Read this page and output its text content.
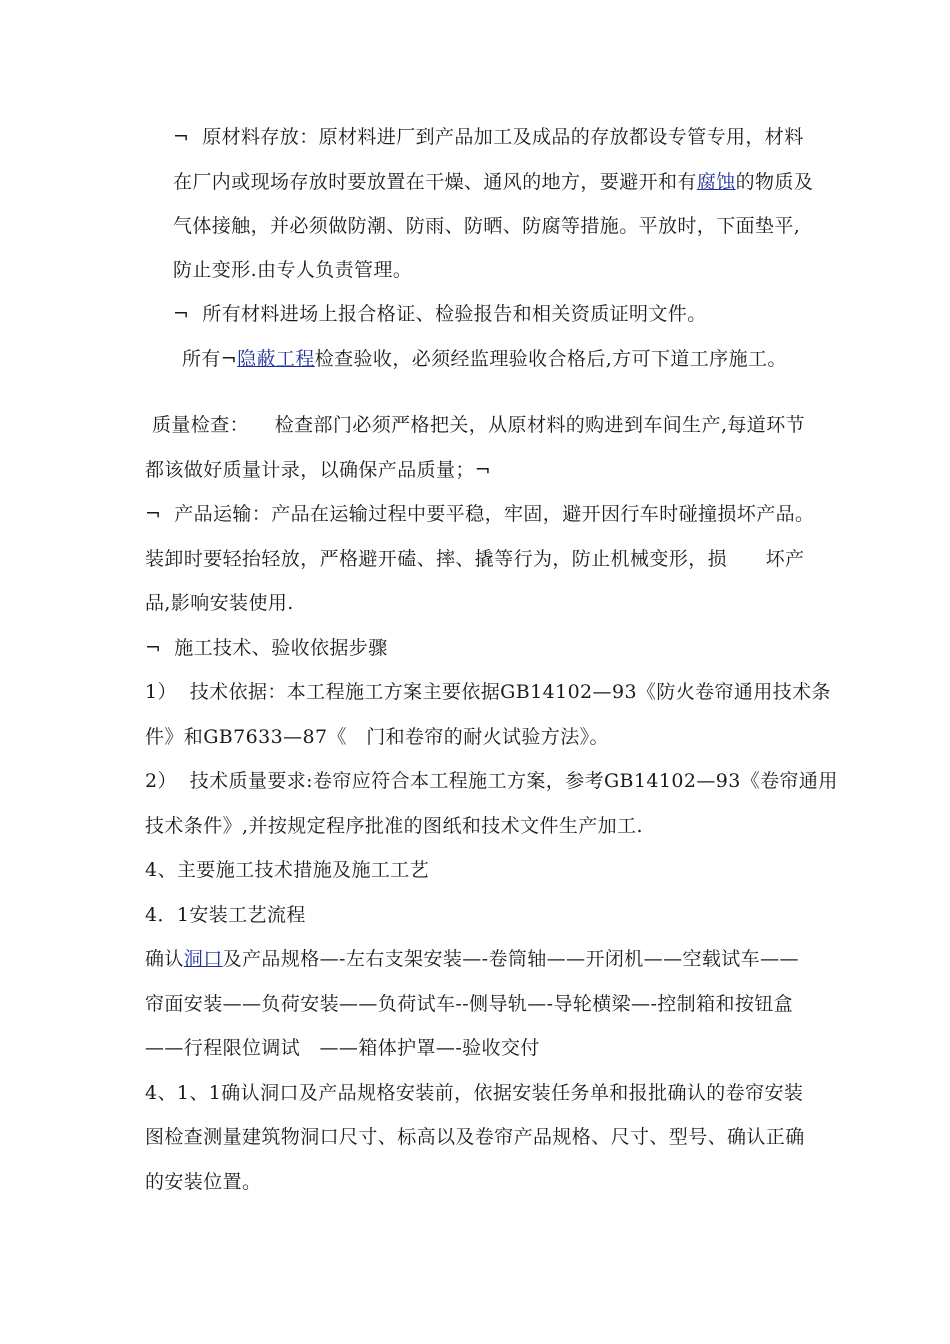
¬  原材料存放：原材料进厂到产品加工及成品的存放都设专管专用，材料
在厂内或现场存放时要放置在干燥、通风的地方，要避开和有腐蚀的物质及
气体接触，并必须做防潮、防雨、防晒、防腐等措施。平放时，下面垫平,
防止变形.由专人负责管理。
¬  所有材料进场上报合格证、检验报告和相关资质证明文件。
所有¬隐蔽工程检查验收，必须经监理验收合格后,方可下道工序施工。
质量检查：    检查部门必须严格把关，从原材料的购进到车间生产,每道环节
都该做好质量计录，以确保产品质量；¬
¬  产品运输：产品在运输过程中要平稳，牢固，避开因行车时碰撞损坏产品。
装卸时要轻抬轻放，严格避开磕、摔、撬等行为，防止机械变形，损      坏产
品,影响安装使用.
¬  施工技术、验收依据步骤
1）  技术依据：本工程施工方案主要依据GB14102—93《防火卷帘通用技术条
件》和GB7633—87《   门和卷帘的耐火试验方法》。
2）  技术质量要求:卷帘应符合本工程施工方案，参考GB14102—93《卷帘通用
技术条件》,并按规定程序批准的图纸和技术文件生产加工.
4、主要施工技术措施及施工工艺
4．1安装工艺流程
确认洞口及产品规格—-左右支架安装—-卷筒轴——开闭机——空载试车——
帘面安装——负荷安装——负荷试车--侧导轨—-导轮横梁—-控制箱和按钮盒
——行程限位调试   ——箱体护罩—-验收交付
4、1、1确认洞口及产品规格安装前，依据安装任务单和报批确认的卷帘安装
图检查测量建筑物洞口尺寸、标高以及卷帘产品规格、尺寸、型号、确认正确
的安装位置。
